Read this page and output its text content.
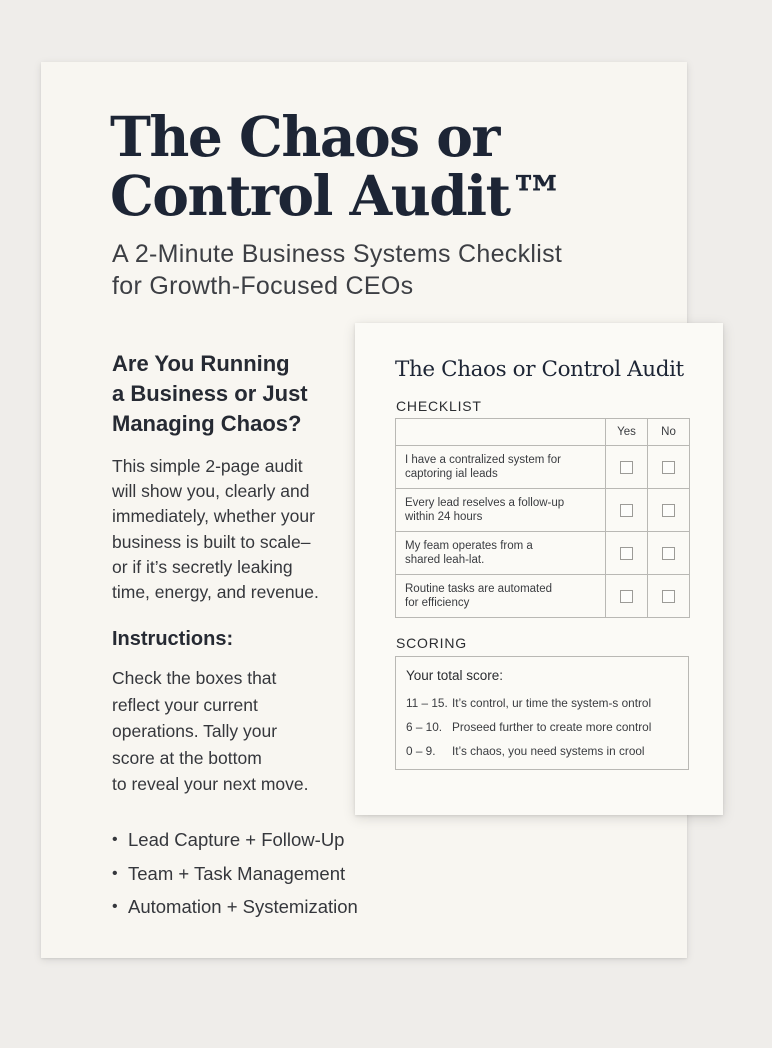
The Chaos or Control Audit™
A 2-Minute Business Systems Checklist
for Growth-Focused CEOs
Are You Running
a Business or Just
Managing Chaos?
This simple 2-page audit
will show you, clearly and
immediately, whether your
business is built to scale–
or if it’s secretly leaking
time, energy, and revenue.
Instructions:
Check the boxes that
reflect your current
operations. Tally your
score at the bottom
to reveal your next move.
• Lead Capture + Follow-Up
• Team + Task Management
• Automation + Systemization
The Chaos or Control Audit
CHECKLIST
	Yes	No

I have a contralized system for
captoring ial leads		

Every lead reselves a follow-up
within 24 hours		

My feam operates from a
shared leah-lat.		

Routine tasks are automated
for efficiency		

SCORING
Your total score:
11 – 15. It’s control, ur time the system-s ontrol
6 – 10. Proseed further to create more control
0 – 9. It’s chaos, you need systems in crool
